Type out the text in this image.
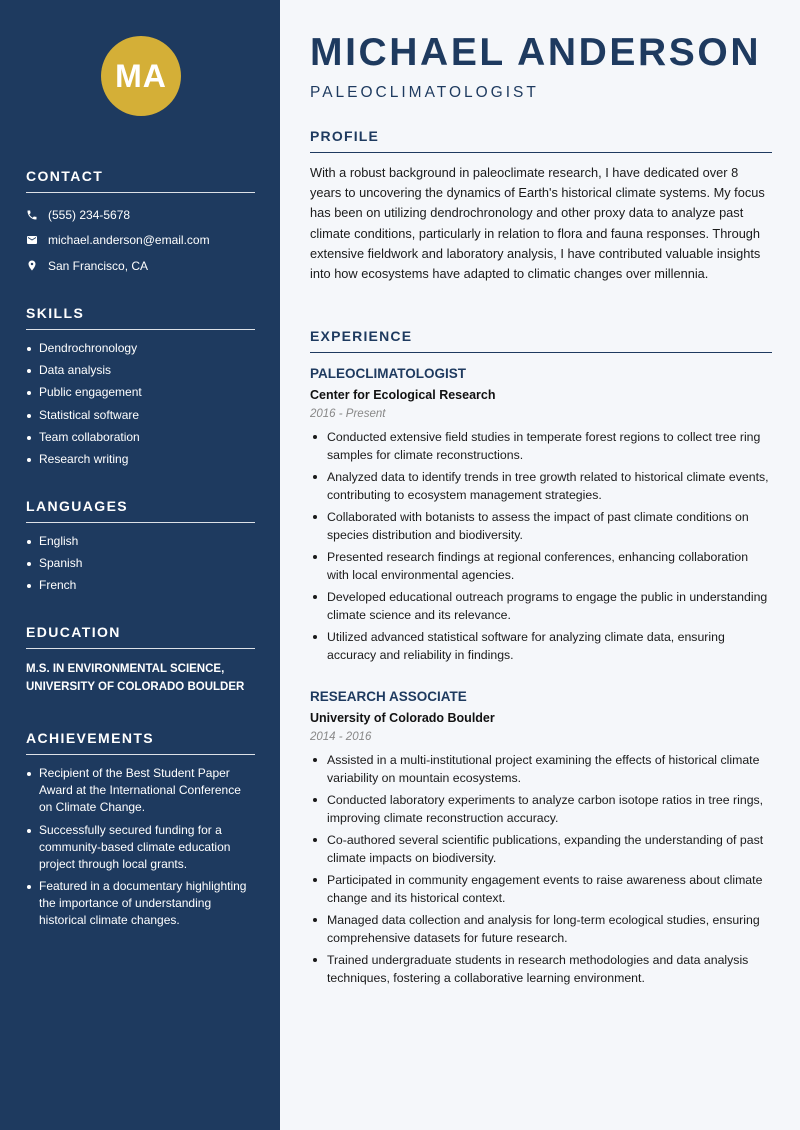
MA
CONTACT
(555) 234-5678
michael.anderson@email.com
San Francisco, CA
SKILLS
Dendrochronology
Data analysis
Public engagement
Statistical software
Team collaboration
Research writing
LANGUAGES
English
Spanish
French
EDUCATION
M.S. IN ENVIRONMENTAL SCIENCE, UNIVERSITY OF COLORADO BOULDER
ACHIEVEMENTS
Recipient of the Best Student Paper Award at the International Conference on Climate Change.
Successfully secured funding for a community-based climate education project through local grants.
Featured in a documentary highlighting the importance of understanding historical climate changes.
MICHAEL ANDERSON
PALEOCLIMATOLOGIST
PROFILE
With a robust background in paleoclimate research, I have dedicated over 8 years to uncovering the dynamics of Earth's historical climate systems. My focus has been on utilizing dendrochronology and other proxy data to analyze past climate conditions, particularly in relation to flora and fauna responses. Through extensive fieldwork and laboratory analysis, I have contributed valuable insights into how ecosystems have adapted to climatic changes over millennia.
EXPERIENCE
PALEOCLIMATOLOGIST
Center for Ecological Research
2016 - Present
Conducted extensive field studies in temperate forest regions to collect tree ring samples for climate reconstructions.
Analyzed data to identify trends in tree growth related to historical climate events, contributing to ecosystem management strategies.
Collaborated with botanists to assess the impact of past climate conditions on species distribution and biodiversity.
Presented research findings at regional conferences, enhancing collaboration with local environmental agencies.
Developed educational outreach programs to engage the public in understanding climate science and its relevance.
Utilized advanced statistical software for analyzing climate data, ensuring accuracy and reliability in findings.
RESEARCH ASSOCIATE
University of Colorado Boulder
2014 - 2016
Assisted in a multi-institutional project examining the effects of historical climate variability on mountain ecosystems.
Conducted laboratory experiments to analyze carbon isotope ratios in tree rings, improving climate reconstruction accuracy.
Co-authored several scientific publications, expanding the understanding of past climate impacts on biodiversity.
Participated in community engagement events to raise awareness about climate change and its historical context.
Managed data collection and analysis for long-term ecological studies, ensuring comprehensive datasets for future research.
Trained undergraduate students in research methodologies and data analysis techniques, fostering a collaborative learning environment.
